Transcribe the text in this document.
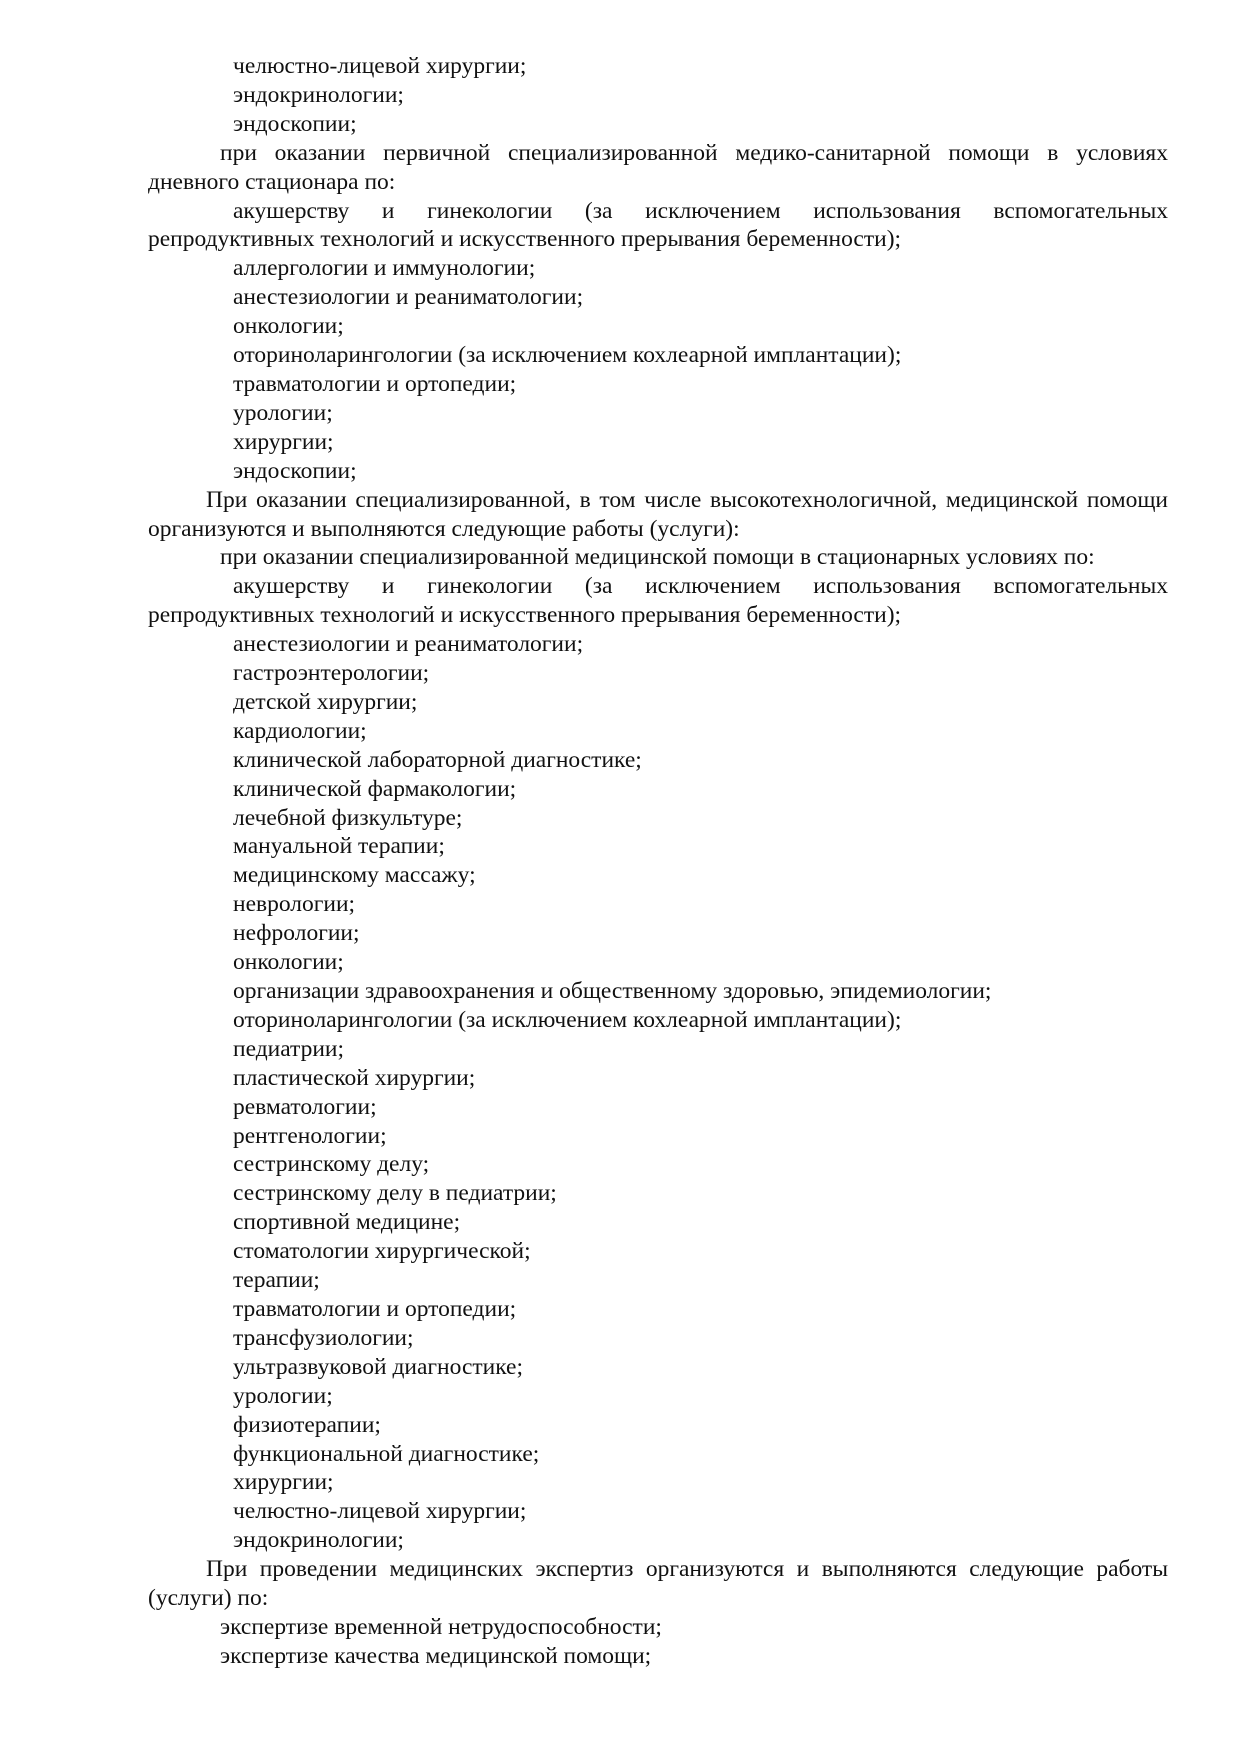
челюстно-лицевой хирургии;
эндокринологии;
эндоскопии;

при оказании первичной специализированной медико-санитарной помощи в условиях дневного стационара по:

акушерству и гинекологии (за исключением использования вспомогательных репродуктивных технологий и искусственного прерывания беременности);

аллергологии и иммунологии;
анестезиологии и реаниматологии;
онкологии;
оториноларингологии (за исключением кохлеарной имплантации);
травматологии и ортопедии;
урологии;
хирургии;
эндоскопии;

При оказании специализированной, в том числе высокотехнологичной, медицинской помощи организуются и выполняются следующие работы (услуги):

при оказании специализированной медицинской помощи в стационарных условиях по:

акушерству и гинекологии (за исключением использования вспомогательных репродуктивных технологий и искусственного прерывания беременности);

анестезиологии и реаниматологии;
гастроэнтерологии;
детской хирургии;
кардиологии;
клинической лабораторной диагностике;
клинической фармакологии;
лечебной физкультуре;
мануальной терапии;
медицинскому массажу;
неврологии;
нефрологии;
онкологии;
организации здравоохранения и общественному здоровью, эпидемиологии;
оториноларингологии (за исключением кохлеарной имплантации);
педиатрии;
пластической хирургии;
ревматологии;
рентгенологии;
сестринскому делу;
сестринскому делу в педиатрии;
спортивной медицине;
стоматологии хирургической;
терапии;
травматологии и ортопедии;
трансфузиологии;
ультразвуковой диагностике;
урологии;
физиотерапии;
функциональной диагностике;
хирургии;
челюстно-лицевой хирургии;
эндокринологии;

При проведении медицинских экспертиз организуются и выполняются следующие работы (услуги) по:

экспертизе временной нетрудоспособности;
экспертизе качества медицинской помощи;
